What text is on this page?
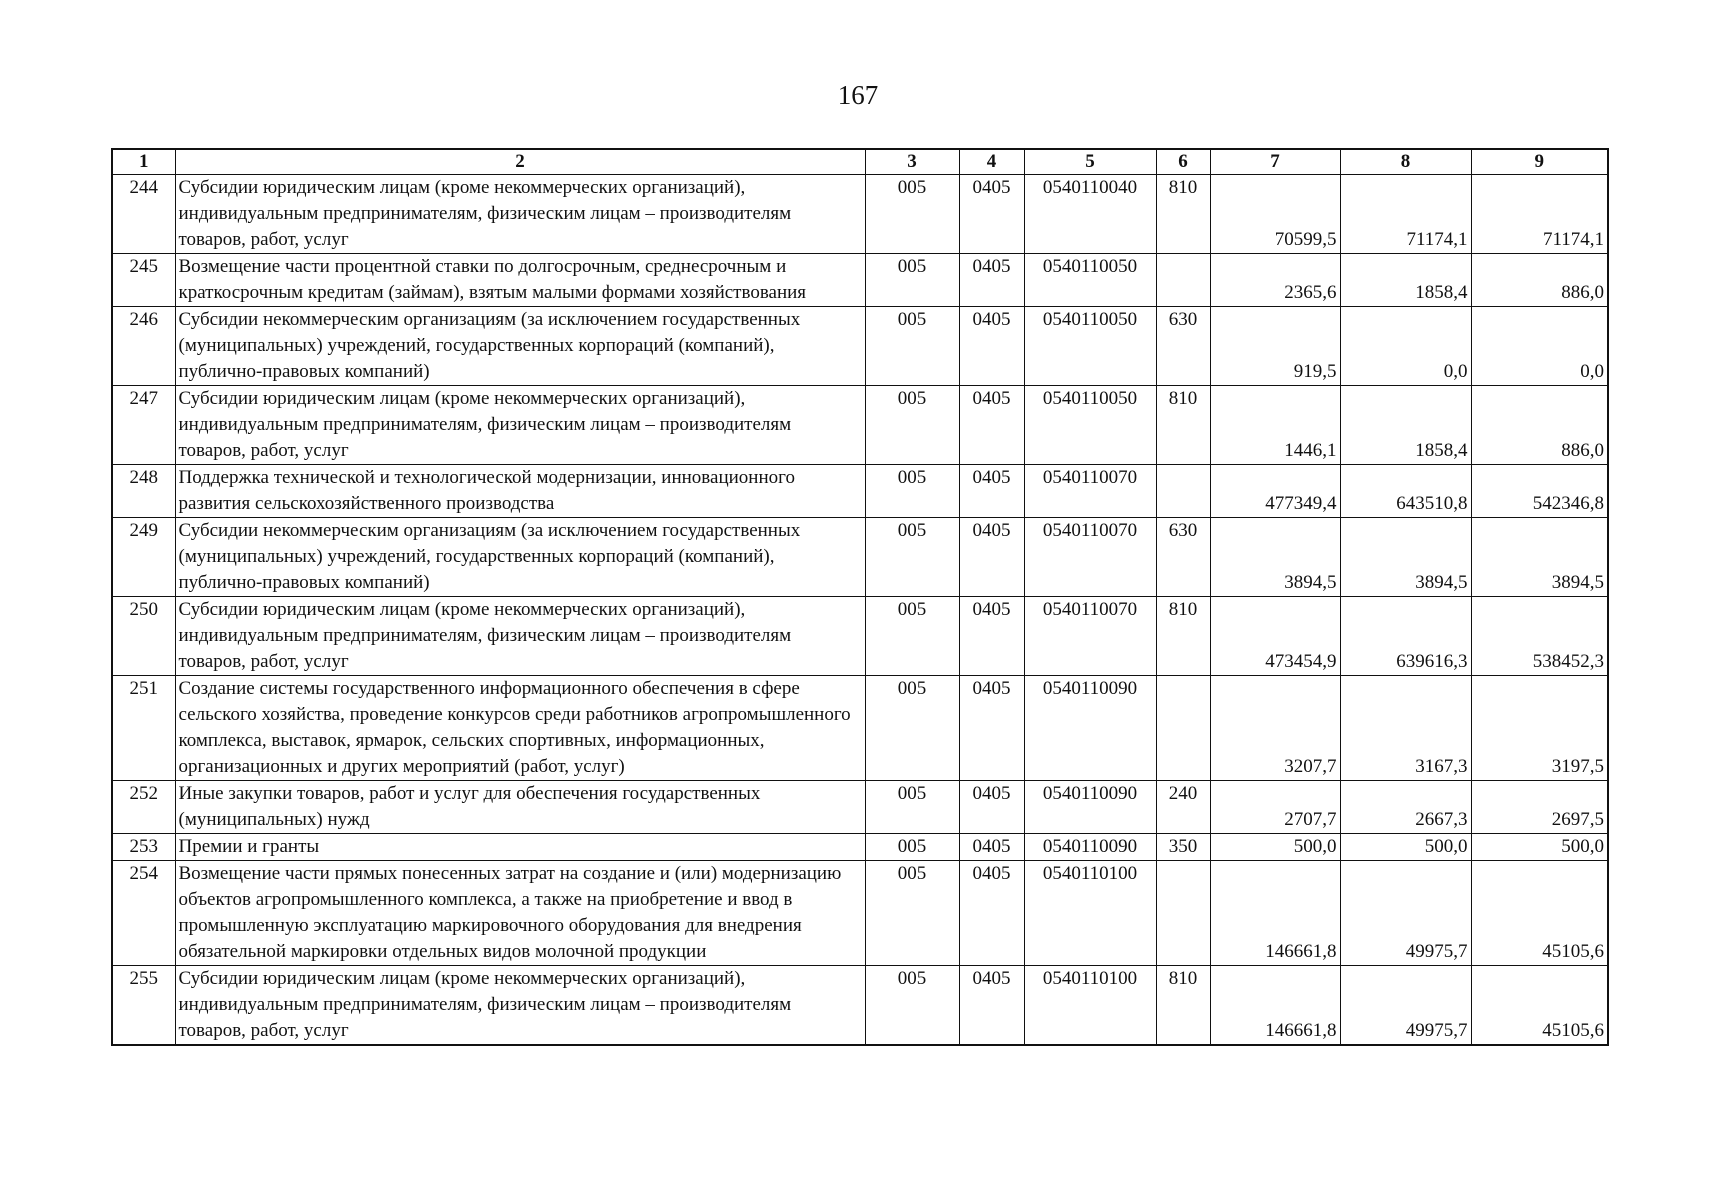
167
1	2	3	4	5	6	7	8	9
244	Субсидии юридическим лицам (кроме некоммерческих организаций), индивидуальным предпринимателям, физическим лицам – производителям товаров, работ, услуг	005	0405	0540110040	810	70599,5	71174,1	71174,1
245	Возмещение части процентной ставки по долгосрочным, среднесрочным и краткосрочным кредитам (займам), взятым малыми формами хозяйствования	005	0405	0540110050		2365,6	1858,4	886,0
246	Субсидии некоммерческим организациям (за исключением государственных (муниципальных) учреждений, государственных корпораций (компаний), публично-правовых компаний)	005	0405	0540110050	630	919,5	0,0	0,0
247	Субсидии юридическим лицам (кроме некоммерческих организаций), индивидуальным предпринимателям, физическим лицам – производителям товаров, работ, услуг	005	0405	0540110050	810	1446,1	1858,4	886,0
248	Поддержка технической и технологической модернизации, инновационного развития сельскохозяйственного производства	005	0405	0540110070		477349,4	643510,8	542346,8
249	Субсидии некоммерческим организациям (за исключением государственных (муниципальных) учреждений, государственных корпораций (компаний), публично-правовых компаний)	005	0405	0540110070	630	3894,5	3894,5	3894,5
250	Субсидии юридическим лицам (кроме некоммерческих организаций), индивидуальным предпринимателям, физическим лицам – производителям товаров, работ, услуг	005	0405	0540110070	810	473454,9	639616,3	538452,3
251	Создание системы государственного информационного обеспечения в сфере сельского хозяйства, проведение конкурсов среди работников агропромышленного комплекса, выставок, ярмарок, сельских спортивных, информационных, организационных и других мероприятий (работ, услуг)	005	0405	0540110090		3207,7	3167,3	3197,5
252	Иные закупки товаров, работ и услуг для обеспечения государственных (муниципальных) нужд	005	0405	0540110090	240	2707,7	2667,3	2697,5
253	Премии и гранты	005	0405	0540110090	350	500,0	500,0	500,0
254	Возмещение части прямых понесенных затрат на создание и (или) модернизацию объектов агропромышленного комплекса, а также на приобретение и ввод в промышленную эксплуатацию маркировочного оборудования для внедрения обязательной маркировки отдельных видов молочной продукции	005	0405	0540110100		146661,8	49975,7	45105,6
255	Субсидии юридическим лицам (кроме некоммерческих организаций), индивидуальным предпринимателям, физическим лицам – производителям товаров, работ, услуг	005	0405	0540110100	810	146661,8	49975,7	45105,6
